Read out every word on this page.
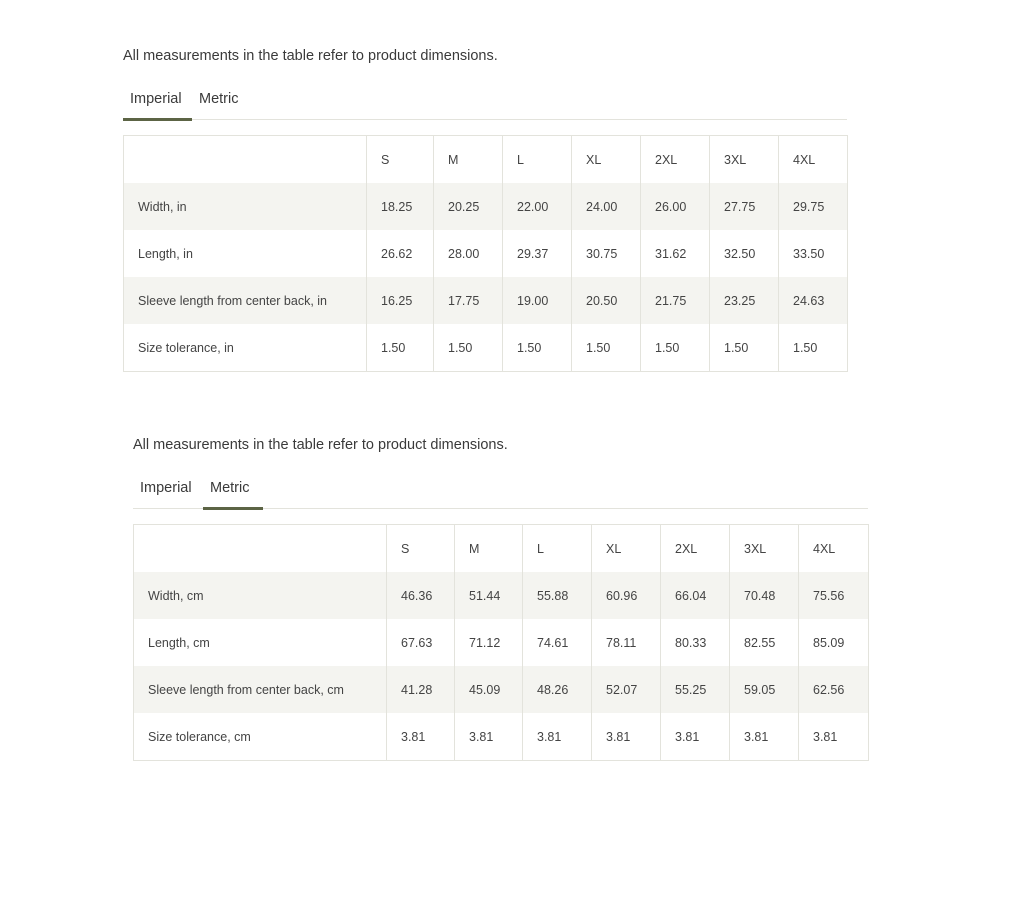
All measurements in the table refer to product dimensions.

Imperial	Metric
	S	M	L	XL	2XL	3XL	4XL
Width, in	18.25	20.25	22.00	24.00	26.00	27.75	29.75
Length, in	26.62	28.00	29.37	30.75	31.62	32.50	33.50
Sleeve length from center back, in	16.25	17.75	19.00	20.50	21.75	23.25	24.63
Size tolerance, in	1.50	1.50	1.50	1.50	1.50	1.50	1.50

All measurements in the table refer to product dimensions.

Imperial	Metric
	S	M	L	XL	2XL	3XL	4XL
Width, cm	46.36	51.44	55.88	60.96	66.04	70.48	75.56
Length, cm	67.63	71.12	74.61	78.11	80.33	82.55	85.09
Sleeve length from center back, cm	41.28	45.09	48.26	52.07	55.25	59.05	62.56
Size tolerance, cm	3.81	3.81	3.81	3.81	3.81	3.81	3.81
